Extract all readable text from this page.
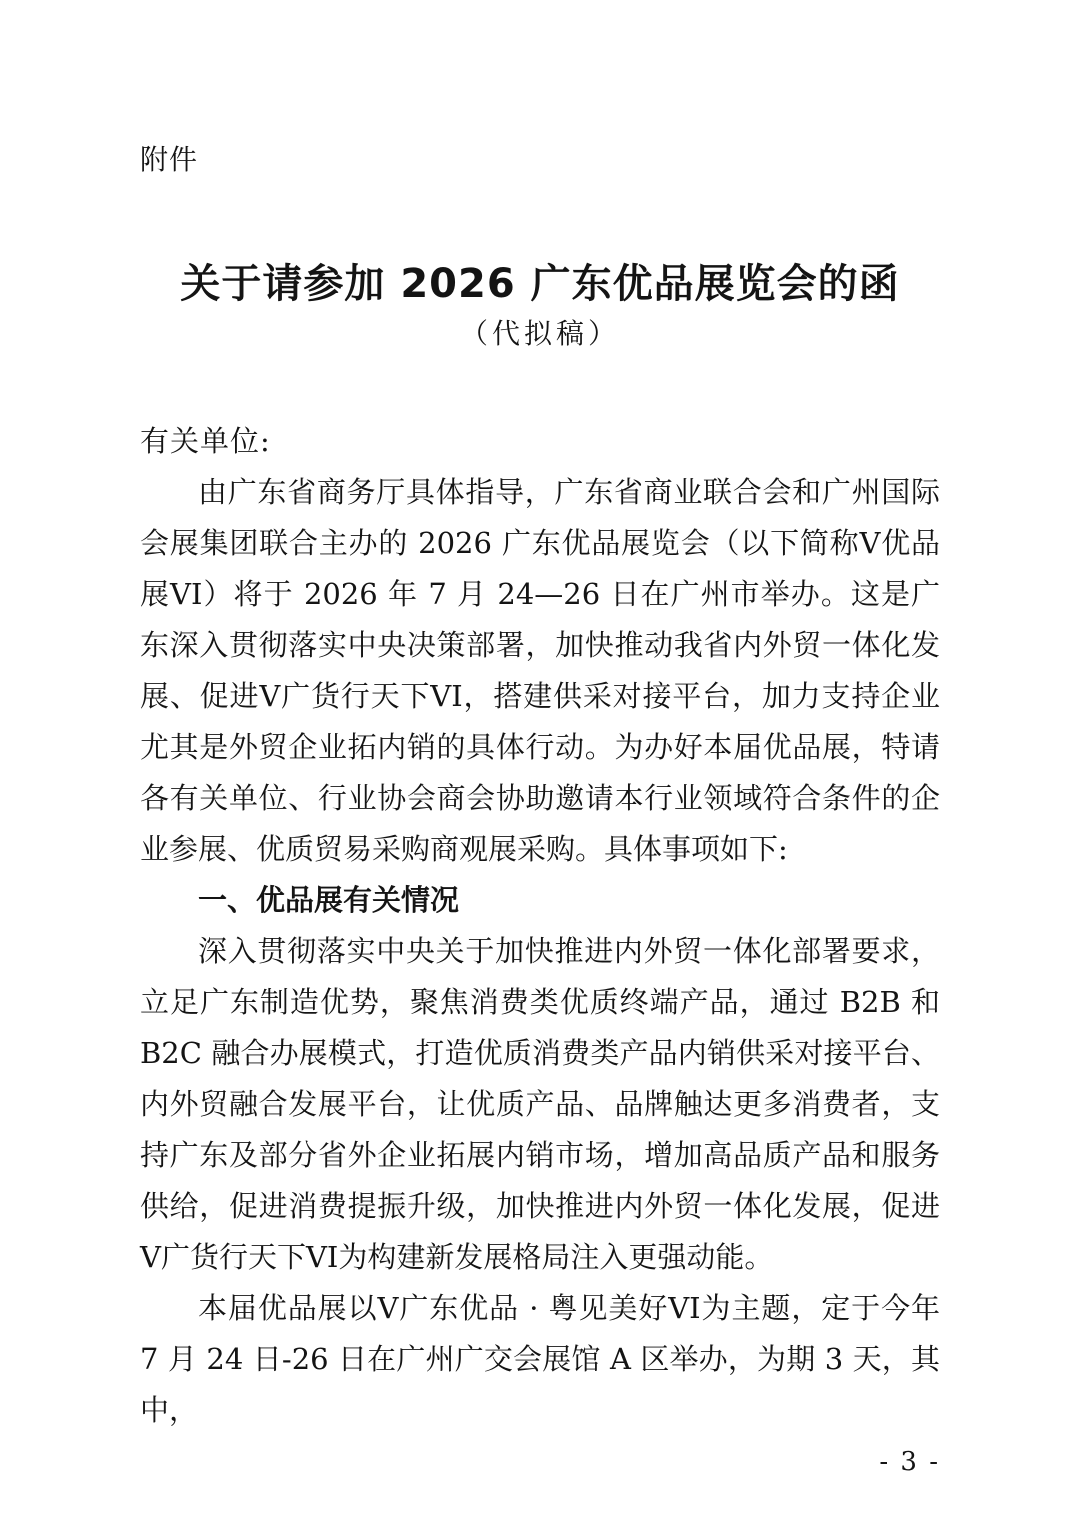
附件
关于请参加 2026 广东优品展览会的函
（代拟稿）

有关单位:

由广东省商务厅具体指导，广东省商业联合会和广州国际会展集团联合主办的 2026 广东优品展览会（以下简称V优品展VI）将于 2026 年 7 月 24—26 日在广州市举办。这是广东深入贯彻落实中央决策部署，加快推动我省内外贸一体化发展、促进V广货行天下VI，搭建供采对接平台，加力支持企业尤其是外贸企业拓内销的具体行动。为办好本届优品展，特请各有关单位、行业协会商会协助邀请本行业领域符合条件的企业参展、优质贸易采购商观展采购。具体事项如下:

一、优品展有关情况

深入贯彻落实中央关于加快推进内外贸一体化部署要求，立足广东制造优势，聚焦消费类优质终端产品，通过 B2B 和 B2C 融合办展模式，打造优质消费类产品内销供采对接平台、内外贸融合发展平台，让优质产品、品牌触达更多消费者，支持广东及部分省外企业拓展内销市场，增加高品质产品和服务供给，促进消费提振升级，加快推进内外贸一体化发展，促进V广货行天下VI为构建新发展格局注入更强动能。

本届优品展以V广东优品 · 粤见美好VI为主题，定于今年 7 月 24 日-26 日在广州广交会展馆 A 区举办，为期 3 天，其中，

- 3 -
